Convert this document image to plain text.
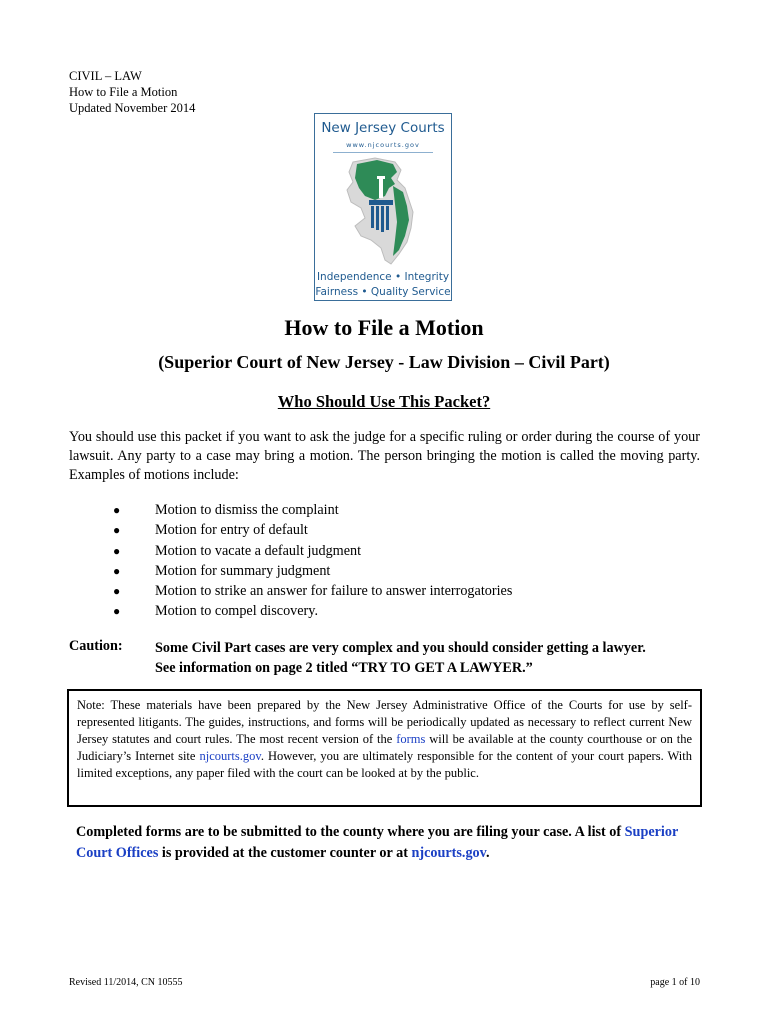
CIVIL – LAW
How to File a Motion
Updated November 2014
New Jersey Courts
www.njcourts.gov
Independence • Integrity
Fairness • Quality Service
How to File a Motion
(Superior Court of New Jersey - Law Division – Civil Part)
Who Should Use This Packet?

You should use this packet if you want to ask the judge for a specific ruling or order during the course of your lawsuit. Any party to a case may bring a motion. The person bringing the motion is called the moving party. Examples of motions include:

● Motion to dismiss the complaint
● Motion for entry of default
● Motion to vacate a default judgment
● Motion for summary judgment
● Motion to strike an answer for failure to answer interrogatories
● Motion to compel discovery.
Caution: Some Civil Part cases are very complex and you should consider getting a lawyer.
See information on page 2 titled “TRY TO GET A LAWYER.”
Note: These materials have been prepared by the New Jersey Administrative Office of the Courts for use by self-represented litigants. The guides, instructions, and forms will be periodically updated as necessary to reflect current New Jersey statutes and court rules. The most recent version of the forms will be available at the county courthouse or on the Judiciary’s Internet site njcourts.gov. However, you are ultimately responsible for the content of your court papers. With limited exceptions, any paper filed with the court can be looked at by the public.
Completed forms are to be submitted to the county where you are filing your case. A list of Superior Court Offices is provided at the customer counter or at njcourts.gov.
Revised 11/2014, CN 10555	page 1 of 10
